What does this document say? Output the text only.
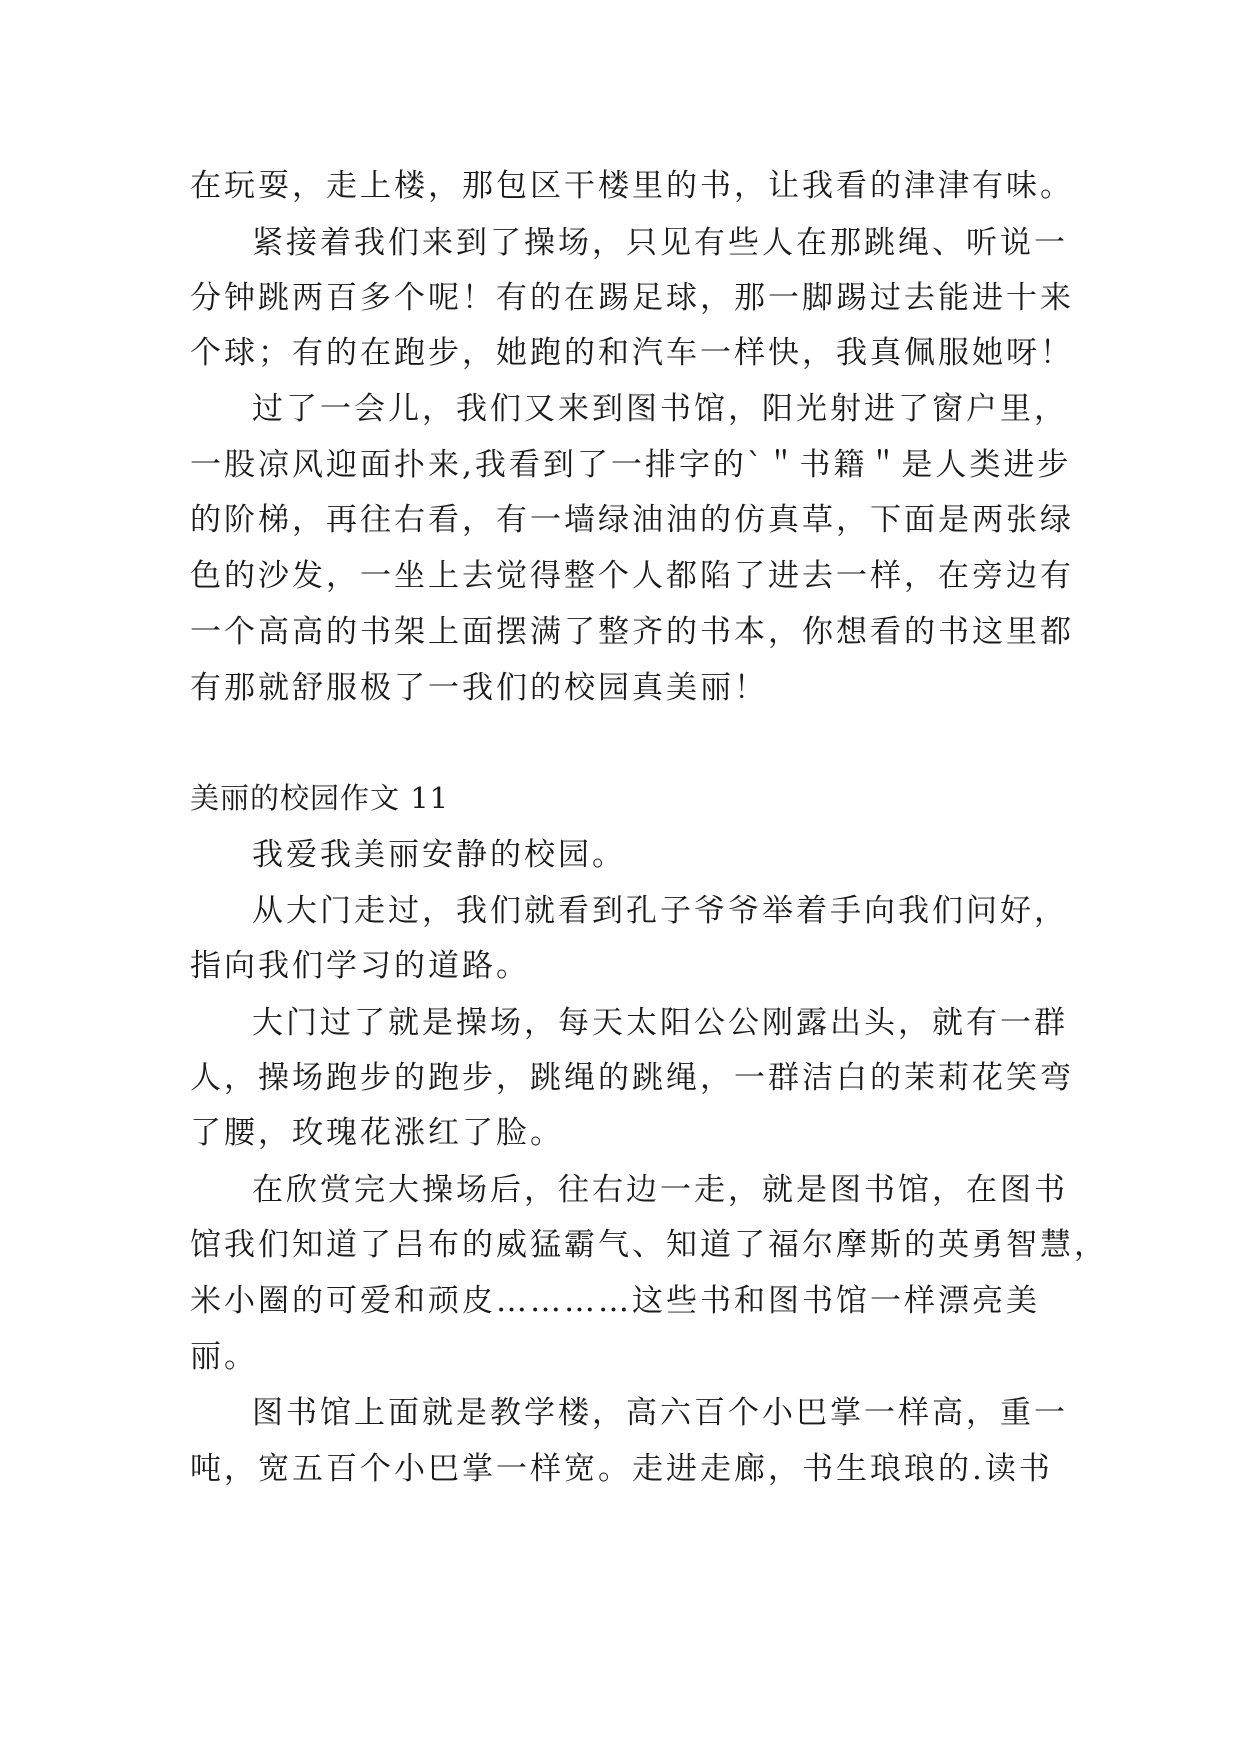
在玩耍，走上楼，那包区干楼里的书，让我看的津津有味。
紧接着我们来到了操场，只见有些人在那跳绳、听说一
分钟跳两百多个呢！有的在踢足球，那一脚踢过去能进十来
个球；有的在跑步，她跑的和汽车一样快，我真佩服她呀！
过了一会儿，我们又来到图书馆，阳光射进了窗户里，
一股凉风迎面扑来,我看到了一排字的`＂书籍＂是人类进步
的阶梯，再往右看，有一墙绿油油的仿真草，下面是两张绿
色的沙发，一坐上去觉得整个人都陷了进去一样，在旁边有
一个高高的书架上面摆满了整齐的书本，你想看的书这里都
有那就舒服极了一我们的校园真美丽！
美丽的校园作文 11
我爱我美丽安静的校园。
从大门走过，我们就看到孔子爷爷举着手向我们问好，
指向我们学习的道路。
大门过了就是操场，每天太阳公公刚露出头，就有一群
人，操场跑步的跑步，跳绳的跳绳，一群洁白的茉莉花笑弯
了腰，玫瑰花涨红了脸。
在欣赏完大操场后，往右边一走，就是图书馆，在图书
馆我们知道了吕布的威猛霸气、知道了福尔摩斯的英勇智慧，
米小圈的可爱和顽皮…………这些书和图书馆一样漂亮美
丽。
图书馆上面就是教学楼，高六百个小巴掌一样高，重一
吨，宽五百个小巴掌一样宽。走进走廊，书生琅琅的.读书
